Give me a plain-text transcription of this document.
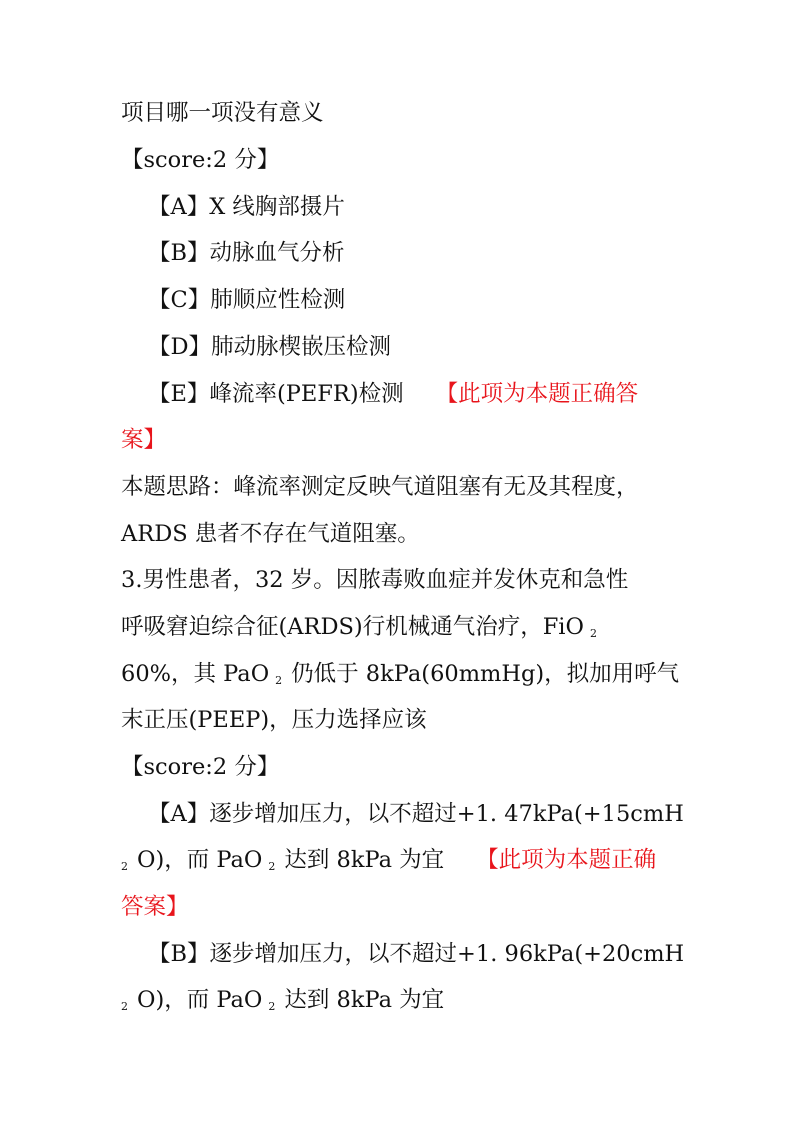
项目哪一项没有意义
【score:2 分】
【A】X 线胸部摄片
【B】动脉血气分析
【C】肺顺应性检测
【D】肺动脉楔嵌压检测
【E】峰流率(PEFR)检测 【此项为本题正确答
案】
本题思路：峰流率测定反映气道阻塞有无及其程度，
ARDS 患者不存在气道阻塞。
3.男性患者，32 岁。因脓毒败血症并发休克和急性
呼吸窘迫综合征(ARDS)行机械通气治疗，FiO $_2$
60%，其 PaO $_2$ 仍低于 8kPa(60mmHg)，拟加用呼气
末正压(PEEP)，压力选择应该
【score:2 分】
【A】逐步增加压力，以不超过+1. 47kPa(+15cmH
$_2$ O)，而 PaO $_2$ 达到 8kPa 为宜 【此项为本题正确
答案】
【B】逐步增加压力，以不超过+1. 96kPa(+20cmH
$_2$ O)，而 PaO $_2$ 达到 8kPa 为宜
